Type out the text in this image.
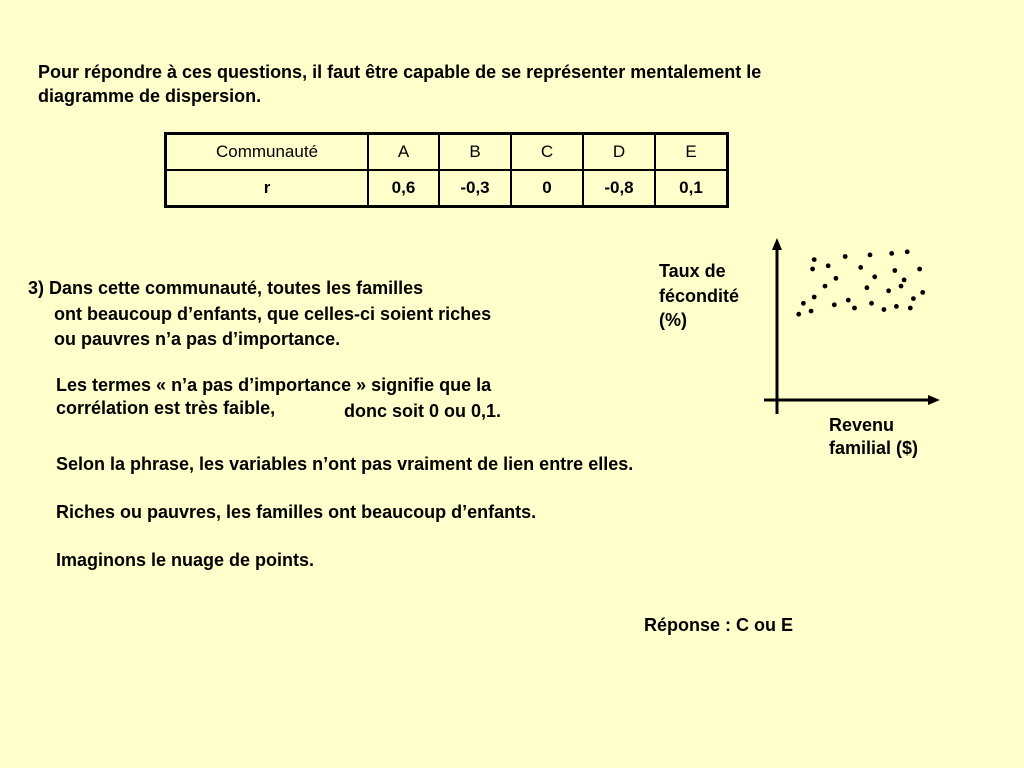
Pour répondre à ces questions, il faut être capable de se représenter mentalement le
diagramme de dispersion.
Communauté	A	B	C	D	E
r	0,6	-0,3	0	-0,8	0,1
3) Dans cette communauté, toutes les familles
ont beaucoup d’enfants, que celles-ci soient riches
ou pauvres n’a pas d’importance.
Les termes « n’a pas d’importance » signifie que la
corrélation est très faible,	donc soit 0 ou 0,1.
Selon la phrase, les variables n’ont pas vraiment de lien entre elles.
Riches ou pauvres, les familles ont beaucoup d’enfants.
Imaginons le nuage de points.
Réponse : C ou E
Taux de
fécondité
(%)
Revenu
familial ($)
